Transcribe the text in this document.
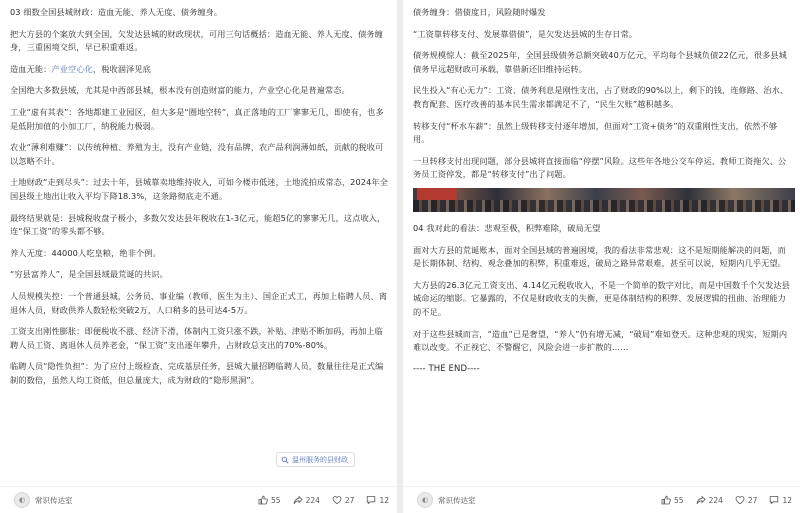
03 细数全国县城财政：造血无能、养人无度、债务缠身。
把大方县的个案放大到全国，欠发达县城的财政现状，可用三句话概括：造血无能、养人无度、债务缠身，三重困境交织，早已积重难返。
造血无能：产业空心化，税收涸泽见底
全国绝大多数县域，尤其是中西部县城，根本没有创造财富的能力，产业空心化是普遍常态。
工业“虚有其表”：各地都建工业园区，但大多是“圈地空转”，真正落地的工厂寥寥无几，即使有，也多是低附加值的小加工厂，纳税能力极弱。
农业“薄利难赚”：以传统种植、养殖为主，没有产业链，没有品牌，农产品利润薄如纸，贡献的税收可以忽略不计。
土地财政“走到尽头”：过去十年，县城靠卖地维持收入，可如今楼市低迷，土地流拍成常态，2024年全国县级土地出让收入平均下降18.3%，这条路彻底走不通。
最终结果就是：县城税收盘子极小，多数欠发达县年税收在1-3亿元，能超5亿的寥寥无几，这点收入，连“保工资”的零头都不够。
养人无度：44000人吃皇粮，绝非个例。
“穷县富养人”，是全国县域最荒诞的共识。
人员规模失控：一个普通县城，公务员、事业编（教师、医生为主）、国企正式工，再加上临聘人员、离退休人员，财政供养人数轻松突破2万，人口稍多的县可达4-5万。
工资支出刚性膨胀：即便税收不涨、经济下滑，体制内工资只涨不跌，补贴、津贴不断加码，再加上临聘人员工资、离退休人员养老金，“保工资”支出逐年攀升，占财政总支出的70%-80%。
临聘人员“隐性负担”：为了应付上级检查、完成基层任务，县城大量招聘临聘人员，数量往往是正式编制的数倍，虽然人均工资低，但总量庞大，成为财政的“隐形黑洞”。
◐	常识传达室	55	224	27	12
温州服务的县财政
债务缠身：借债度日，风险随时爆发
“工资靠转移支付、发展靠借债”，是欠发达县城的生存日常。
债务规模惊人：截至2025年，全国县级债务总额突破40万亿元，平均每个县城负债22亿元，很多县城债务早远超财政可承载，靠借新还旧维持运转。
民生投入“有心无力”：工资、债务利息是刚性支出，占了财政的90%以上，剩下的钱，连修路、治水、教育配套、医疗改善的基本民生需求都满足不了，“民生欠账”越积越多。
转移支付“杯水车薪”：虽然上级转移支付逐年增加，但面对“工资+债务”的双重刚性支出，依然不够用。
一旦转移支付出现问题，部分县城将直接面临“停摆”风险。这些年各地公交车停运、教师工资拖欠、公务员工资停发，都是“转移支付”出了问题。
04 我对此的看法：悲观至极，积弊难除，破局无望
面对大方县的荒诞账本，面对全国县域的普遍困境，我的看法非常悲观：这不是短期能解决的问题，而是长期体制、结构、观念叠加的积弊，积重难返，破局之路异常艰难，甚至可以说，短期内几乎无望。
大方县的26.3亿元工资支出、4.14亿元税收收入，不是一个简单的数字对比，而是中国数千个欠发达县城命运的缩影。它暴露的，不仅是财政收支的失衡，更是体制结构的积弊、发展逻辑的扭曲、治理能力的不足。
对于这些县城而言，“造血”已是奢望，“养人”仍有增无减，“破局”难如登天。这种悲观的现实，短期内难以改变。不正视它、不警醒它，风险会进一步扩散的……
---- THE END----
◐	常识传达室	55	224	27	12
